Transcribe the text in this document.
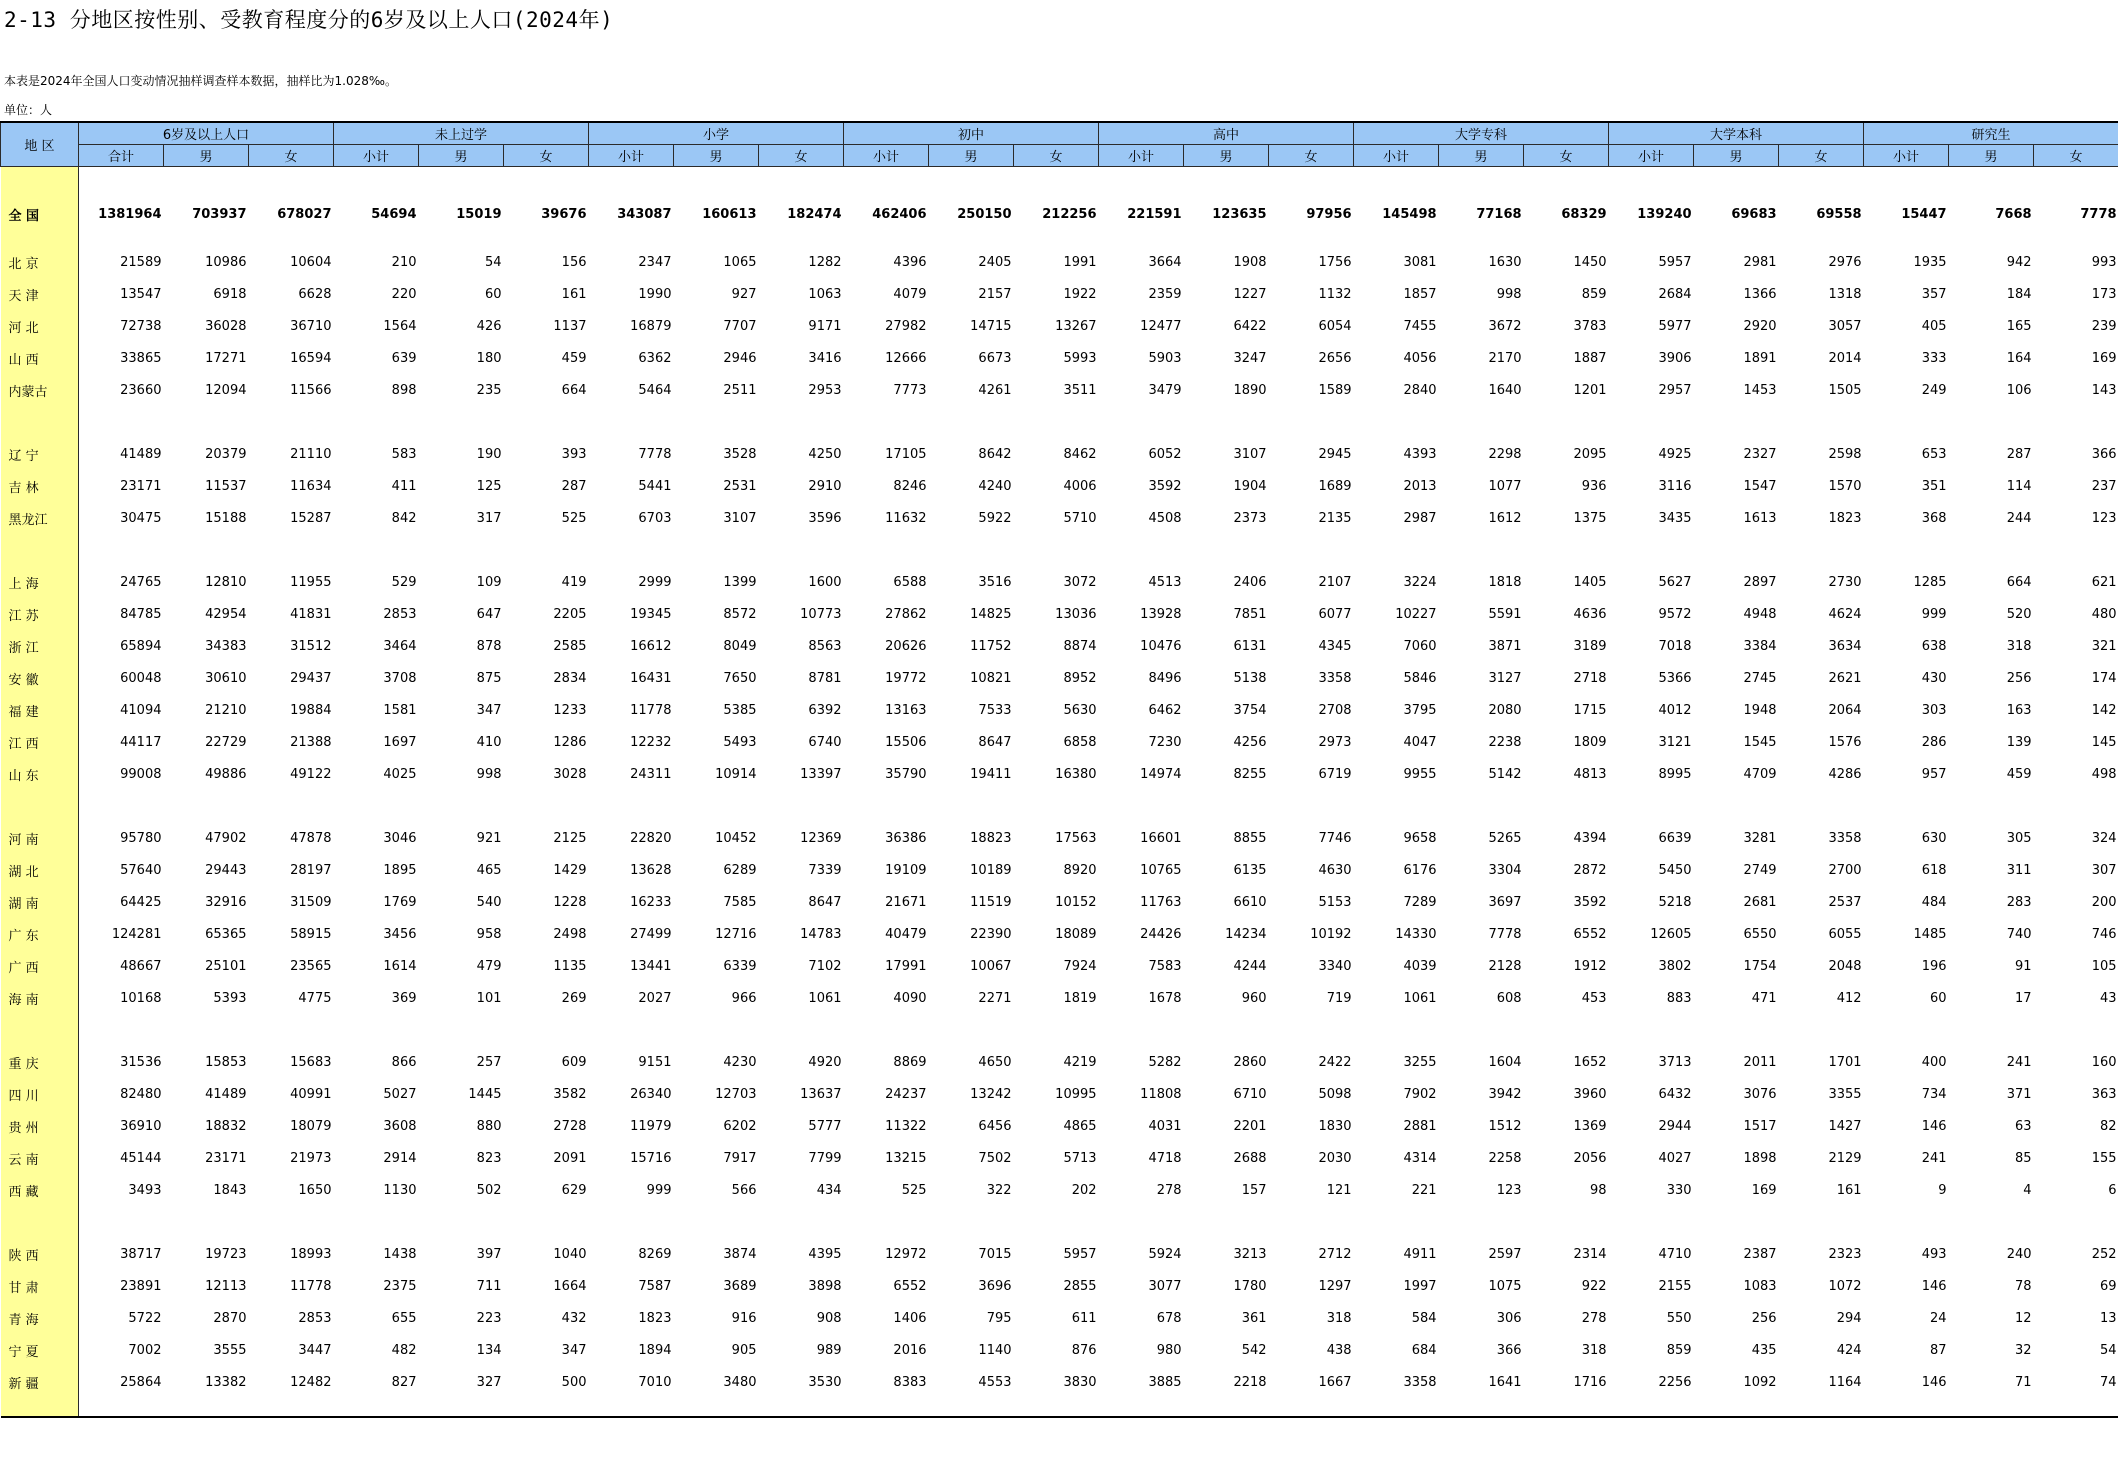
2-13 分地区按性别、受教育程度分的6岁及以上人口(2024年)
本表是2024年全国人口变动情况抽样调查样本数据，抽样比为1.028‰。
单位：人
地 区	6岁及以上人口			未上过学			小学			初中			高中			大学专科			大学本科			研究生		
	合计	男	女	小计	男	女	小计	男	女	小计	男	女	小计	男	女	小计	男	女	小计	男	女	小计	男	女

全 国	1381964	703937	678027	54694	15019	39676	343087	160613	182474	462406	250150	212256	221591	123635	97956	145498	77168	68329	139240	69683	69558	15447	7668	7778
北 京	21589	10986	10604	210	54	156	2347	1065	1282	4396	2405	1991	3664	1908	1756	3081	1630	1450	5957	2981	2976	1935	942	993
天 津	13547	6918	6628	220	60	161	1990	927	1063	4079	2157	1922	2359	1227	1132	1857	998	859	2684	1366	1318	357	184	173
河 北	72738	36028	36710	1564	426	1137	16879	7707	9171	27982	14715	13267	12477	6422	6054	7455	3672	3783	5977	2920	3057	405	165	239
山 西	33865	17271	16594	639	180	459	6362	2946	3416	12666	6673	5993	5903	3247	2656	4056	2170	1887	3906	1891	2014	333	164	169
内蒙古	23660	12094	11566	898	235	664	5464	2511	2953	7773	4261	3511	3479	1890	1589	2840	1640	1201	2957	1453	1505	249	106	143

辽 宁	41489	20379	21110	583	190	393	7778	3528	4250	17105	8642	8462	6052	3107	2945	4393	2298	2095	4925	2327	2598	653	287	366
吉 林	23171	11537	11634	411	125	287	5441	2531	2910	8246	4240	4006	3592	1904	1689	2013	1077	936	3116	1547	1570	351	114	237
黑龙江	30475	15188	15287	842	317	525	6703	3107	3596	11632	5922	5710	4508	2373	2135	2987	1612	1375	3435	1613	1823	368	244	123

上 海	24765	12810	11955	529	109	419	2999	1399	1600	6588	3516	3072	4513	2406	2107	3224	1818	1405	5627	2897	2730	1285	664	621
江 苏	84785	42954	41831	2853	647	2205	19345	8572	10773	27862	14825	13036	13928	7851	6077	10227	5591	4636	9572	4948	4624	999	520	480
浙 江	65894	34383	31512	3464	878	2585	16612	8049	8563	20626	11752	8874	10476	6131	4345	7060	3871	3189	7018	3384	3634	638	318	321
安 徽	60048	30610	29437	3708	875	2834	16431	7650	8781	19772	10821	8952	8496	5138	3358	5846	3127	2718	5366	2745	2621	430	256	174
福 建	41094	21210	19884	1581	347	1233	11778	5385	6392	13163	7533	5630	6462	3754	2708	3795	2080	1715	4012	1948	2064	303	163	142
江 西	44117	22729	21388	1697	410	1286	12232	5493	6740	15506	8647	6858	7230	4256	2973	4047	2238	1809	3121	1545	1576	286	139	145
山 东	99008	49886	49122	4025	998	3028	24311	10914	13397	35790	19411	16380	14974	8255	6719	9955	5142	4813	8995	4709	4286	957	459	498

河 南	95780	47902	47878	3046	921	2125	22820	10452	12369	36386	18823	17563	16601	8855	7746	9658	5265	4394	6639	3281	3358	630	305	324
湖 北	57640	29443	28197	1895	465	1429	13628	6289	7339	19109	10189	8920	10765	6135	4630	6176	3304	2872	5450	2749	2700	618	311	307
湖 南	64425	32916	31509	1769	540	1228	16233	7585	8647	21671	11519	10152	11763	6610	5153	7289	3697	3592	5218	2681	2537	484	283	200
广 东	124281	65365	58915	3456	958	2498	27499	12716	14783	40479	22390	18089	24426	14234	10192	14330	7778	6552	12605	6550	6055	1485	740	746
广 西	48667	25101	23565	1614	479	1135	13441	6339	7102	17991	10067	7924	7583	4244	3340	4039	2128	1912	3802	1754	2048	196	91	105
海 南	10168	5393	4775	369	101	269	2027	966	1061	4090	2271	1819	1678	960	719	1061	608	453	883	471	412	60	17	43

重 庆	31536	15853	15683	866	257	609	9151	4230	4920	8869	4650	4219	5282	2860	2422	3255	1604	1652	3713	2011	1701	400	241	160
四 川	82480	41489	40991	5027	1445	3582	26340	12703	13637	24237	13242	10995	11808	6710	5098	7902	3942	3960	6432	3076	3355	734	371	363
贵 州	36910	18832	18079	3608	880	2728	11979	6202	5777	11322	6456	4865	4031	2201	1830	2881	1512	1369	2944	1517	1427	146	63	82
云 南	45144	23171	21973	2914	823	2091	15716	7917	7799	13215	7502	5713	4718	2688	2030	4314	2258	2056	4027	1898	2129	241	85	155
西 藏	3493	1843	1650	1130	502	629	999	566	434	525	322	202	278	157	121	221	123	98	330	169	161	9	4	6

陕 西	38717	19723	18993	1438	397	1040	8269	3874	4395	12972	7015	5957	5924	3213	2712	4911	2597	2314	4710	2387	2323	493	240	252
甘 肃	23891	12113	11778	2375	711	1664	7587	3689	3898	6552	3696	2855	3077	1780	1297	1997	1075	922	2155	1083	1072	146	78	69
青 海	5722	2870	2853	655	223	432	1823	916	908	1406	795	611	678	361	318	584	306	278	550	256	294	24	12	13
宁 夏	7002	3555	3447	482	134	347	1894	905	989	2016	1140	876	980	542	438	684	366	318	859	435	424	87	32	54
新 疆	25864	13382	12482	827	327	500	7010	3480	3530	8383	4553	3830	3885	2218	1667	3358	1641	1716	2256	1092	1164	146	71	74
